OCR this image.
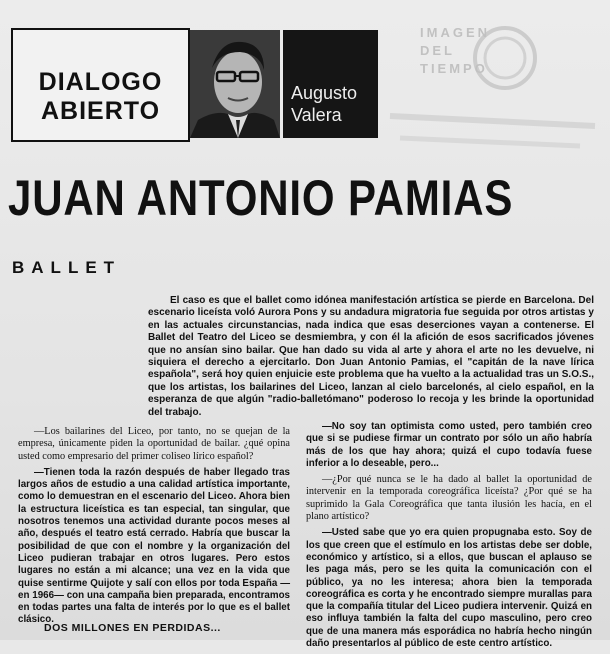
DIALOGO
ABIERTO
Augusto
Valera
IMAGEN
DEL
TIEMPO
JUAN ANTONIO PAMIAS
BALLET
El caso es que el ballet como idónea manifestación artística se pierde en Barcelona. Del escenario liceísta voló Aurora Pons y su andadura migratoria fue seguida por otros artistas y en las actuales circunstancias, nada indica que esas deserciones vayan a contenerse. El Ballet del Teatro del Liceo se desmiembra, y con él la afición de esos sacrificados jóvenes que no ansían sino bailar. Que han dado su vida al arte y ahora el arte no les devuelve, ni siquiera el derecho a ejercitarlo. Don Juan Antonio Pamias, el "capitán de la nave lírica española", será hoy quien enjuicie este problema que ha vuelto a la actualidad tras un S.O.S., que los artistas, los bailarines del Liceo, lanzan al cielo barcelonés, al cielo español, en la esperanza de que algún "radio-balletómano" poderoso lo recoja y les brinde la oportunidad del trabajo.

—Los bailarines del Liceo, por tanto, no se quejan de la empresa, únicamente piden la oportunidad de bailar. ¿qué opina usted como empresario del primer coliseo lírico español?

—Tienen toda la razón después de haber llegado tras largos años de estudio a una calidad artística importante, como lo demuestran en el escenario del Liceo. Ahora bien la estructura liceística es tan especial, tan singular, que nosotros tenemos una actividad durante pocos meses al año, después el teatro está cerrado. Habría que buscar la posibilidad de que con el nombre y la organización del Liceo pudieran trabajar en otros lugares. Pero estos lugares no están a mi alcance; una vez en la vida que quise sentirme Quijote y salí con ellos por toda España —en 1966— con una campaña bien preparada, encontramos en todas partes una falta de interés por lo que es el ballet clásico.

DOS MILLONES EN PERDIDAS...

—No soy tan optimista como usted, pero también creo que si se pudiese firmar un contrato por sólo un año habría más de los que hay ahora; quizá el cupo todavía fuese inferior a lo deseable, pero...

—¿Por qué nunca se le ha dado al ballet la oportunidad de intervenir en la temporada coreográfica liceísta? ¿Por qué se ha suprimido la Gala Coreográfica que tanta ilusión les hacía, en el plano artístico?

—Usted sabe que yo era quien propugnaba esto. Soy de los que creen que el estímulo en los artistas debe ser doble, económico y artístico, si a ellos, que buscan el aplauso se les paga más, pero se les quita la comunicación con el público, ya no les interesa; ahora bien la temporada coreográfica es corta y he encontrado siempre murallas para que la compañía titular del Liceo pudiera intervenir. Quizá en eso influya también la falta del cupo masculino, pero creo que de una manera más esporádica no habría hecho ningún daño presentarlos al público de este centro artístico.
